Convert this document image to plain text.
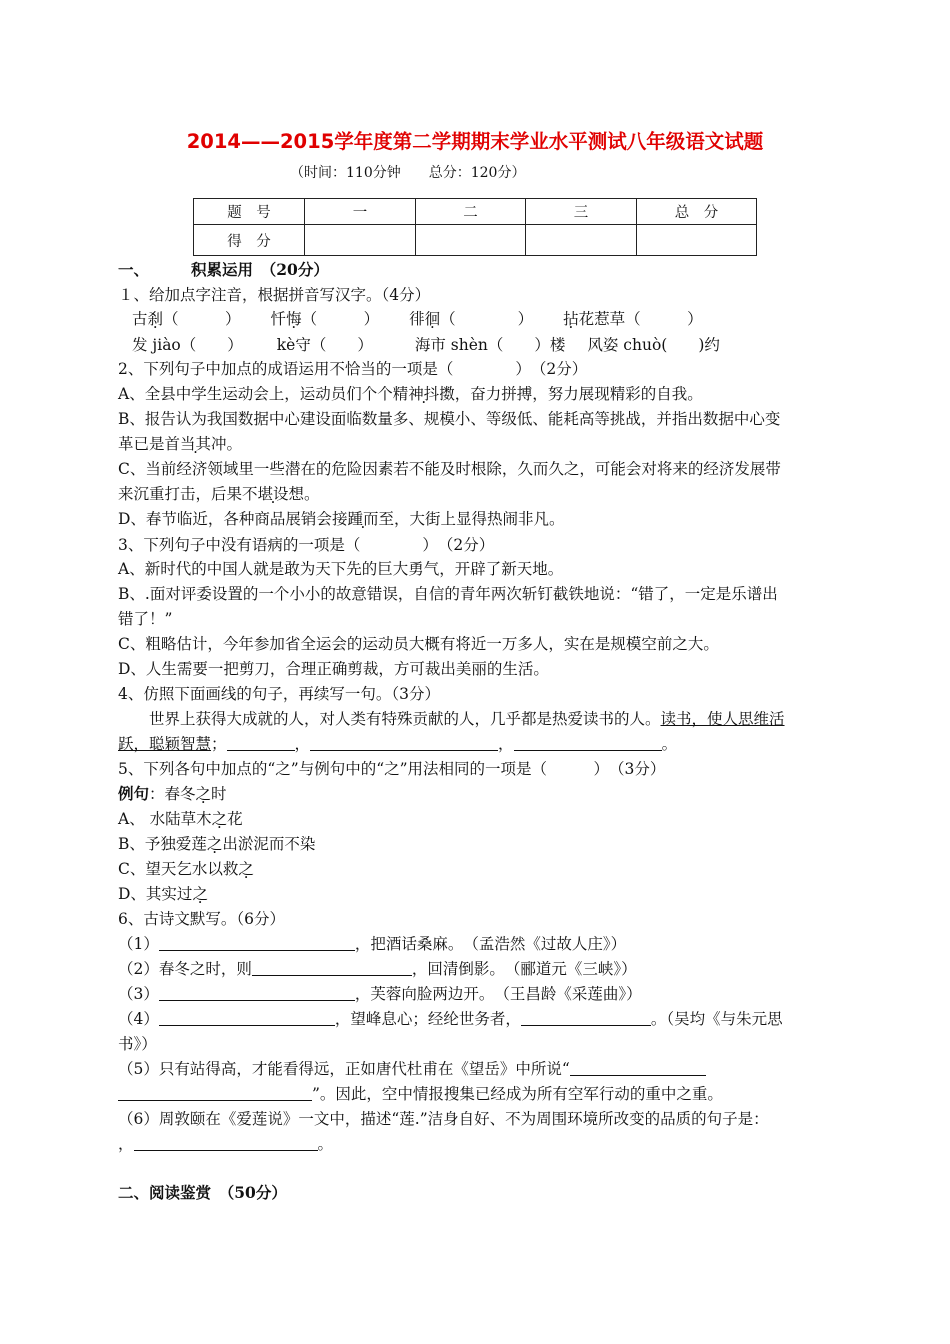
2014——2015学年度第二学期期末学业水平测试八年级语文试题
（时间：110分钟　　总分：120分）
题　号	一	二	三	总　分
得　分				
一、	积累运用　（20分）
１、给加点字注音，根据拼音写汉字。（4分）
古刹（　　　） 忏悔（　　　） 徘徊（　　　　） 拈花惹草（　　　）
发 jiào（　　） kè守（　　）	海市 shèn（　　）楼 风姿 chuò(　　)约
2、下列句子中加点的成语运用不恰当的一项是（　　　　）　（2分）
A、全县中学生运动会上，运动员们个个精神抖擞，奋力拼搏，努力展现精彩的自我。
B、报告认为我国数据中心建设面临数量多、规模小、等级低、能耗高等挑战，并指出数据中心变
革已是首当其冲。
C、当前经济领域里一些潜在的危险因素若不能及时根除，久而久之，可能会对将来的经济发展带
来沉重打击，后果不堪设想。
D、春节临近，各种商品展销会接踵而至，大街上显得热闹非凡。
3、下列句子中没有语病的一项是（　　　　）　（2分）
A、新时代的中国人就是敢为天下先的巨大勇气，开辟了新天地。
B、.面对评委设置的一个小小的故意错误，自信的青年两次斩钉截铁地说：“错了，一定是乐谱出
错了！”
C、粗略估计，今年参加省全运会的运动员大概有将近一万多人，实在是规模空前之大。
D、人生需要一把剪刀，合理正确剪裁，方可裁出美丽的生活。
4、仿照下面画线的句子，再续写一句。（3分）
　　世界上获得大成就的人，对人类有特殊贡献的人，几乎都是热爱读书的人。读书，使人思维活
跃，聪颖智慧；	，	，	。
5、下列各句中加点的“之”与例句中的“之”用法相同的一项是（　　　）　（3分）
例句：春冬之时
A、 水陆草木之花
B、予独爱莲之出淤泥而不染
C、望天乞水以救之
D、其实过之
6、古诗文默写。（6分）
（1）	，把酒话桑麻。　（孟浩然《过故人庄》）
（2）春冬之时，则	，回清倒影。　（郦道元《三峡》）
（3）	，芙蓉向脸两边开。　（王昌龄《采莲曲》）
（4）	，望峰息心；经纶世务者，	。（吴均《与朱元思
书》）
（5）只有站得高，才能看得远，正如唐代杜甫在《望岳》中所说“
”。因此，空中情报搜集已经成为所有空军行动的重中之重。
（6）周敦颐在《爱莲说》一文中，描述“莲.”洁身自好、不为周围环境所改变的品质的句子是：
，	。
二、阅读鉴赏　（50分）
